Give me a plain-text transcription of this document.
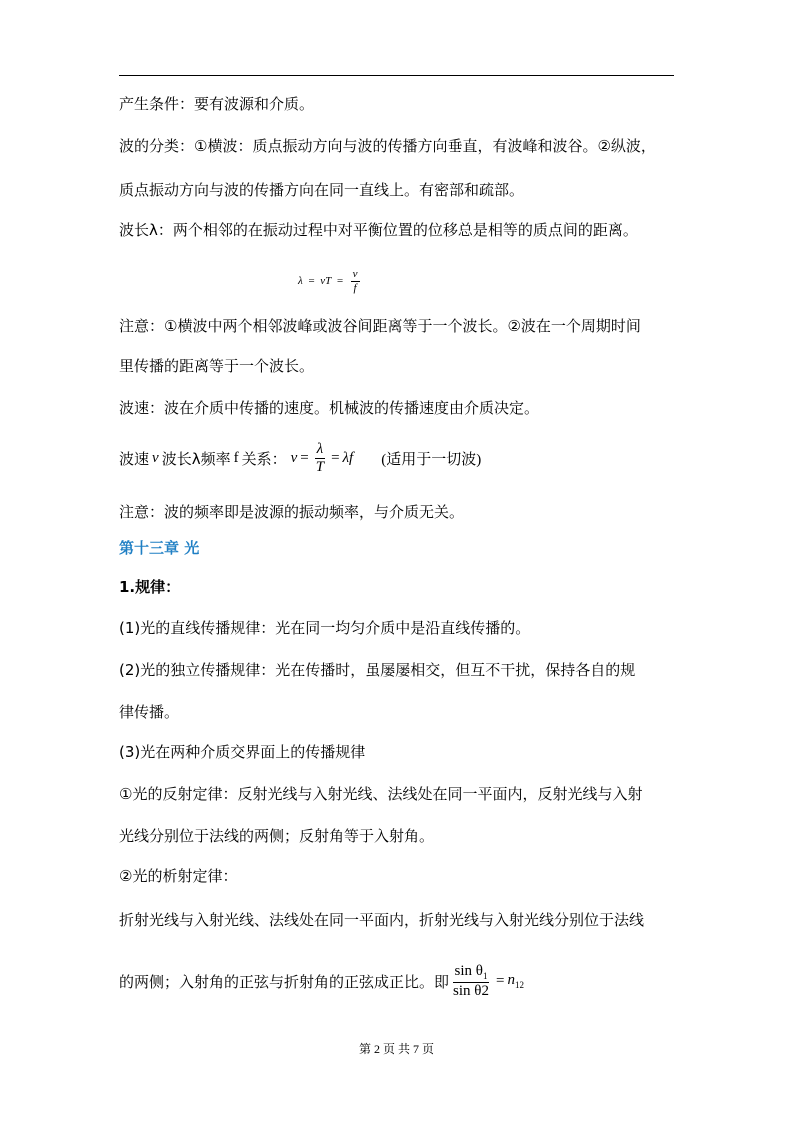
产生条件：要有波源和介质。
波的分类：①横波：质点振动方向与波的传播方向垂直，有波峰和波谷。②纵波，
质点振动方向与波的传播方向在同一直线上。有密部和疏部。
波长λ：两个相邻的在振动过程中对平衡位置的位移总是相等的质点间的距离。
λ = vT = $\frac{v}{f}$
注意：①横波中两个相邻波峰或波谷间距离等于一个波长。②波在一个周期时间
里传播的距离等于一个波长。
波速：波在介质中传播的速度。机械波的传播速度由介质决定。
波速 v 波长λ频率 f 关系： $v = \frac{\lambda}{T} = \lambda f$ (适用于一切波)
注意：波的频率即是波源的振动频率，与介质无关。
第十三章 光
1.规律：
(1)光的直线传播规律：光在同一均匀介质中是沿直线传播的。
(2)光的独立传播规律：光在传播时，虽屡屡相交，但互不干扰，保持各自的规
律传播。
(3)光在两种介质交界面上的传播规律
①光的反射定律：反射光线与入射光线、法线处在同一平面内，反射光线与入射
光线分别位于法线的两侧；反射角等于入射角。
②光的析射定律：
折射光线与入射光线、法线处在同一平面内，折射光线与入射光线分别位于法线
的两侧；入射角的正弦与折射角的正弦成正比。即 $\frac{\sin \theta_1}{\text{sin θ2}} = n_{12}$
第 2 页 共 7 页
